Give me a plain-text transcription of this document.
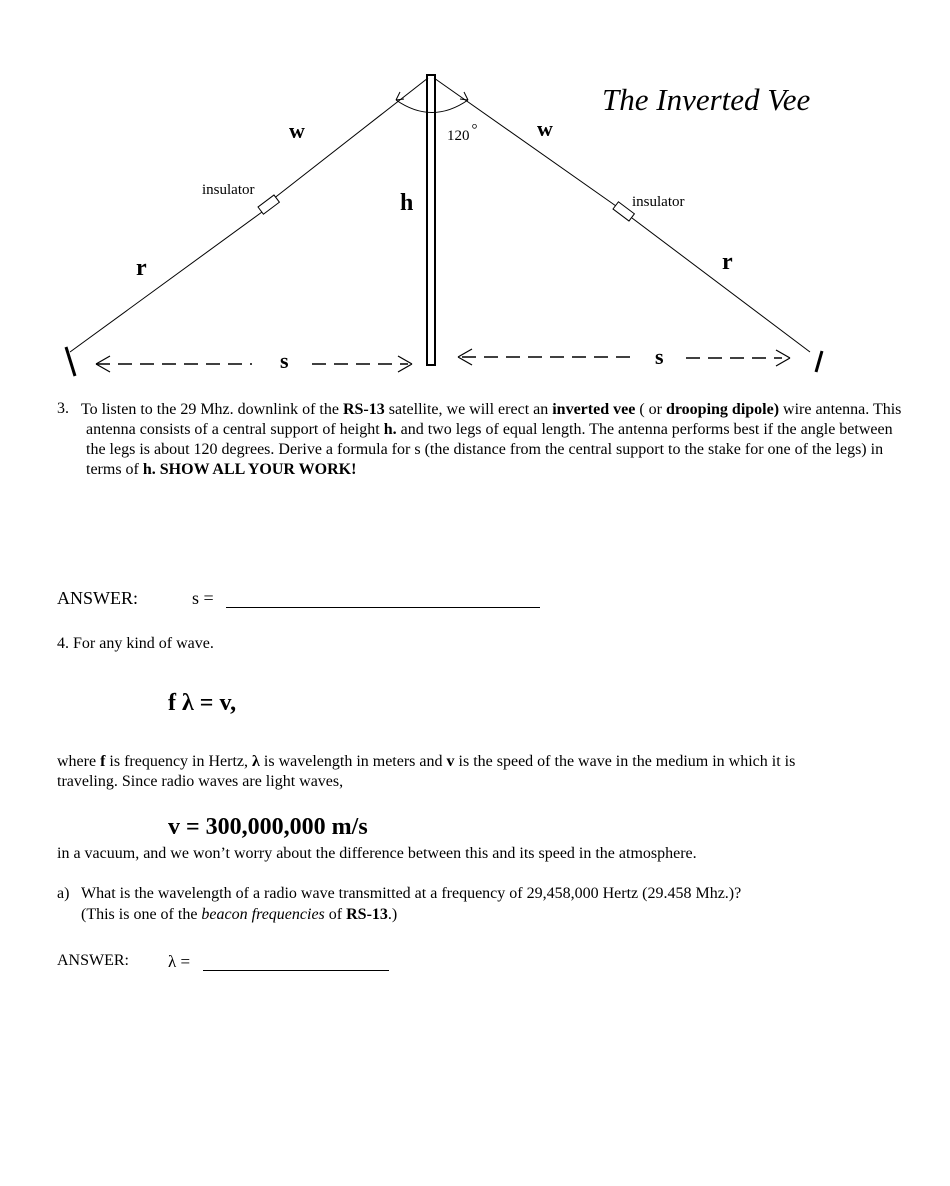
The Inverted Vee
w	w
120 °
h
insulator
insulator
r	r
s	s
3. To listen to the 29 Mhz. downlink of the RS-13 satellite, we will erect an inverted vee ( or drooping dipole) wire antenna. This antenna consists of a central support of height h. and two legs of equal length. The antenna performs best if the angle between the legs is about 120 degrees. Derive a formula for s (the distance from the central support to the stake for one of the legs) in terms of h. SHOW ALL YOUR WORK!
ANSWER:	s =
4. For any kind of wave.
f λ = v,
where f is frequency in Hertz, λ is wavelength in meters and v is the speed of the wave in the medium in which it is traveling. Since radio waves are light waves,
v = 300,000,000 m/s
in a vacuum, and we won’t worry about the difference between this and its speed in the atmosphere.
a) What is the wavelength of a radio wave transmitted at a frequency of 29,458,000 Hertz (29.458 Mhz.)?
(This is one of the beacon frequencies of RS-13.)
ANSWER: λ =
